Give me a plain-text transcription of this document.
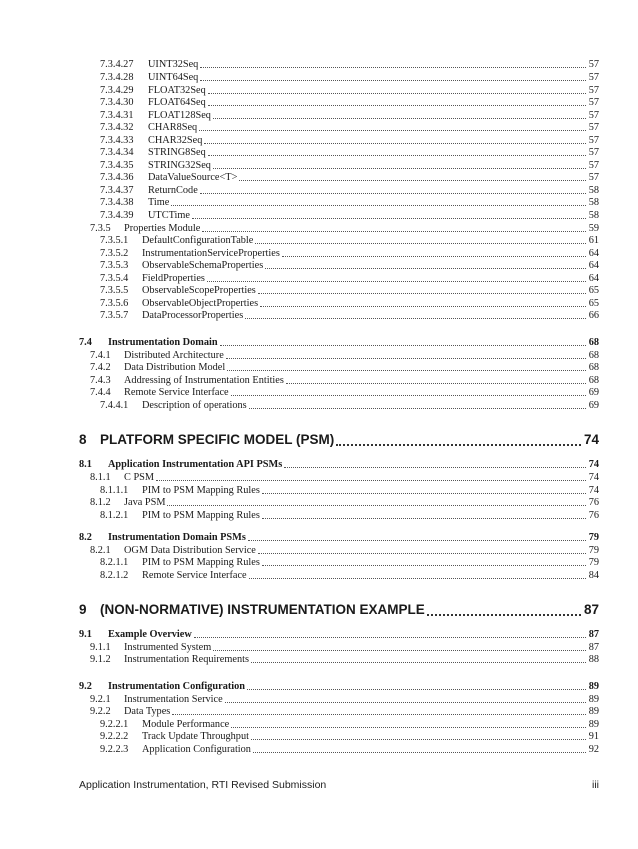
7.3.4.27 UINT32Seq	57
7.3.4.28 UINT64Seq	57
7.3.4.29 FLOAT32Seq	57
7.3.4.30 FLOAT64Seq	57
7.3.4.31 FLOAT128Seq	57
7.3.4.32 CHAR8Seq	57
7.3.4.33 CHAR32Seq	57
7.3.4.34 STRING8Seq	57
7.3.4.35 STRING32Seq	57
7.3.4.36 DataValueSource<T>	57
7.3.4.37 ReturnCode	58
7.3.4.38 Time	58
7.3.4.39 UTCTime	58
7.3.5 Properties Module	59
7.3.5.1 DefaultConfigurationTable	61
7.3.5.2 InstrumentationServiceProperties	64
7.3.5.3 ObservableSchemaProperties	64
7.3.5.4 FieldProperties	64
7.3.5.5 ObservableScopeProperties	65
7.3.5.6 ObservableObjectProperties	65
7.3.5.7 DataProcessorProperties	66
7.4 Instrumentation Domain	68
7.4.1 Distributed Architecture	68
7.4.2 Data Distribution Model	68
7.4.3 Addressing of Instrumentation Entities	68
7.4.4 Remote Service Interface	69
7.4.4.1 Description of operations	69
8 PLATFORM SPECIFIC MODEL (PSM)	74
8.1 Application Instrumentation API PSMs	74
8.1.1 C PSM	74
8.1.1.1 PIM to PSM Mapping Rules	74
8.1.2 Java PSM	76
8.1.2.1 PIM to PSM Mapping Rules	76
8.2 Instrumentation Domain PSMs	79
8.2.1 OGM Data Distribution Service	79
8.2.1.1 PIM to PSM Mapping Rules	79
8.2.1.2 Remote Service Interface	84
9 (NON-NORMATIVE) INSTRUMENTATION EXAMPLE	87
9.1 Example Overview	87
9.1.1 Instrumented System	87
9.1.2 Instrumentation Requirements	88
9.2 Instrumentation Configuration	89
9.2.1 Instrumentation Service	89
9.2.2 Data Types	89
9.2.2.1 Module Performance	89
9.2.2.2 Track Update Throughput	91
9.2.2.3 Application Configuration	92
Application Instrumentation, RTI Revised Submission	iii
